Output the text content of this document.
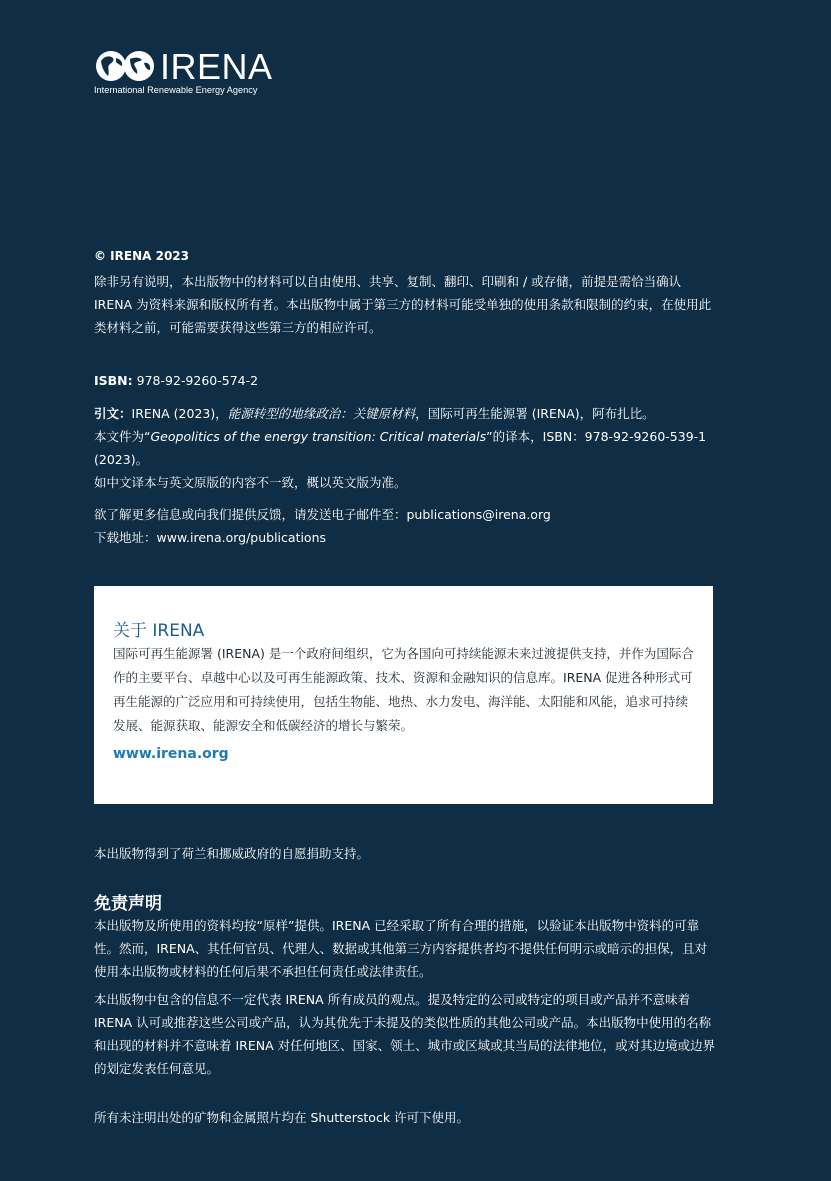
IRENA
International Renewable Energy Agency
© IRENA 2023

除非另有说明，本出版物中的材料可以自由使用、共享、复制、翻印、印刷和 / 或存储，前提是需恰当确认 IRENA 为资料来源和版权所有者。本出版物中属于第三方的材料可能受单独的使用条款和限制的约束，在使用此类材料之前，可能需要获得这些第三方的相应许可。

ISBN: 978-92-9260-574-2

引文：IRENA (2023)，能源转型的地缘政治：关键原材料，国际可再生能源署 (IRENA)，阿布扎比。

本文件为“Geopolitics of the energy transition: Critical materials”的译本，ISBN：978-92-9260-539-1 (2023)。

如中文译本与英文原版的内容不一致，概以英文版为准。

欲了解更多信息或向我们提供反馈，请发送电子邮件至：publications@irena.org

下载地址：www.irena.org/publications

关于 IRENA

国际可再生能源署 (IRENA) 是一个政府间组织，它为各国向可持续能源未来过渡提供支持，并作为国际合作的主要平台、卓越中心以及可再生能源政策、技术、资源和金融知识的信息库。IRENA 促进各种形式可再生能源的广泛应用和可持续使用，包括生物能、地热、水力发电、海洋能、太阳能和风能，追求可持续发展、能源获取、能源安全和低碳经济的增长与繁荣。

www.irena.org
本出版物得到了荷兰和挪威政府的自愿捐助支持。
免责声明

本出版物及所使用的资料均按“原样”提供。IRENA 已经采取了所有合理的措施，以验证本出版物中资料的可靠性。然而，IRENA、其任何官员、代理人、数据或其他第三方内容提供者均不提供任何明示或暗示的担保，且对使用本出版物或材料的任何后果不承担任何责任或法律责任。

本出版物中包含的信息不一定代表 IRENA 所有成员的观点。提及特定的公司或特定的项目或产品并不意味着 IRENA 认可或推荐这些公司或产品，认为其优先于未提及的类似性质的其他公司或产品。本出版物中使用的名称和出现的材料并不意味着 IRENA 对任何地区、国家、领土、城市或区域或其当局的法律地位，或对其边境或边界的划定发表任何意见。

所有未注明出处的矿物和金属照片均在 Shutterstock 许可下使用。
